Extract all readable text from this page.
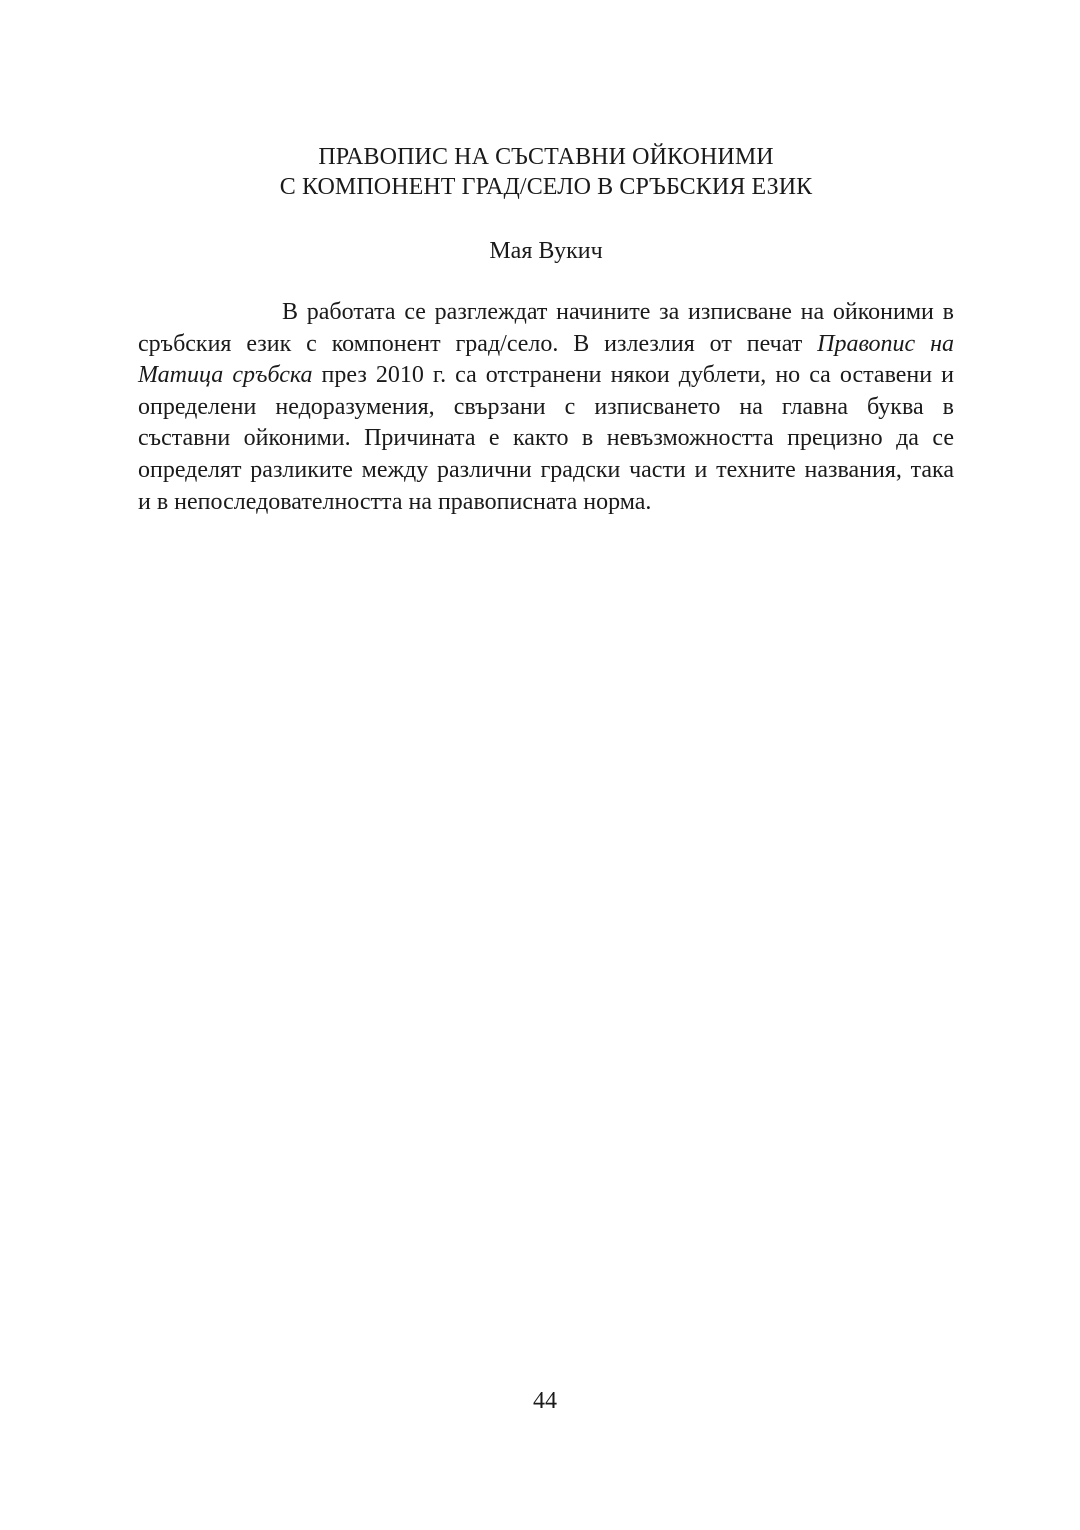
ПРАВОПИС НА СЪСТАВНИ ОЙКОНИМИ
С КОМПОНЕНТ ГРАД/СЕЛО В СРЪБСКИЯ ЕЗИК
Мая Вукич
В работата се разглеждат начините за изписване на ойконими в
сръбския език с компонент град/село. В излезлия от печат Правопис на
Матица сръбска през 2010 г. са отстранени някои дублети, но са оставени и
определени недоразумения, свързани с изписването на главна буква в
съставни ойконими. Причината е както в невъзможността прецизно да се
определят разликите между различни градски части и техните названия, така
и в непоследователността на правописната норма.
44
